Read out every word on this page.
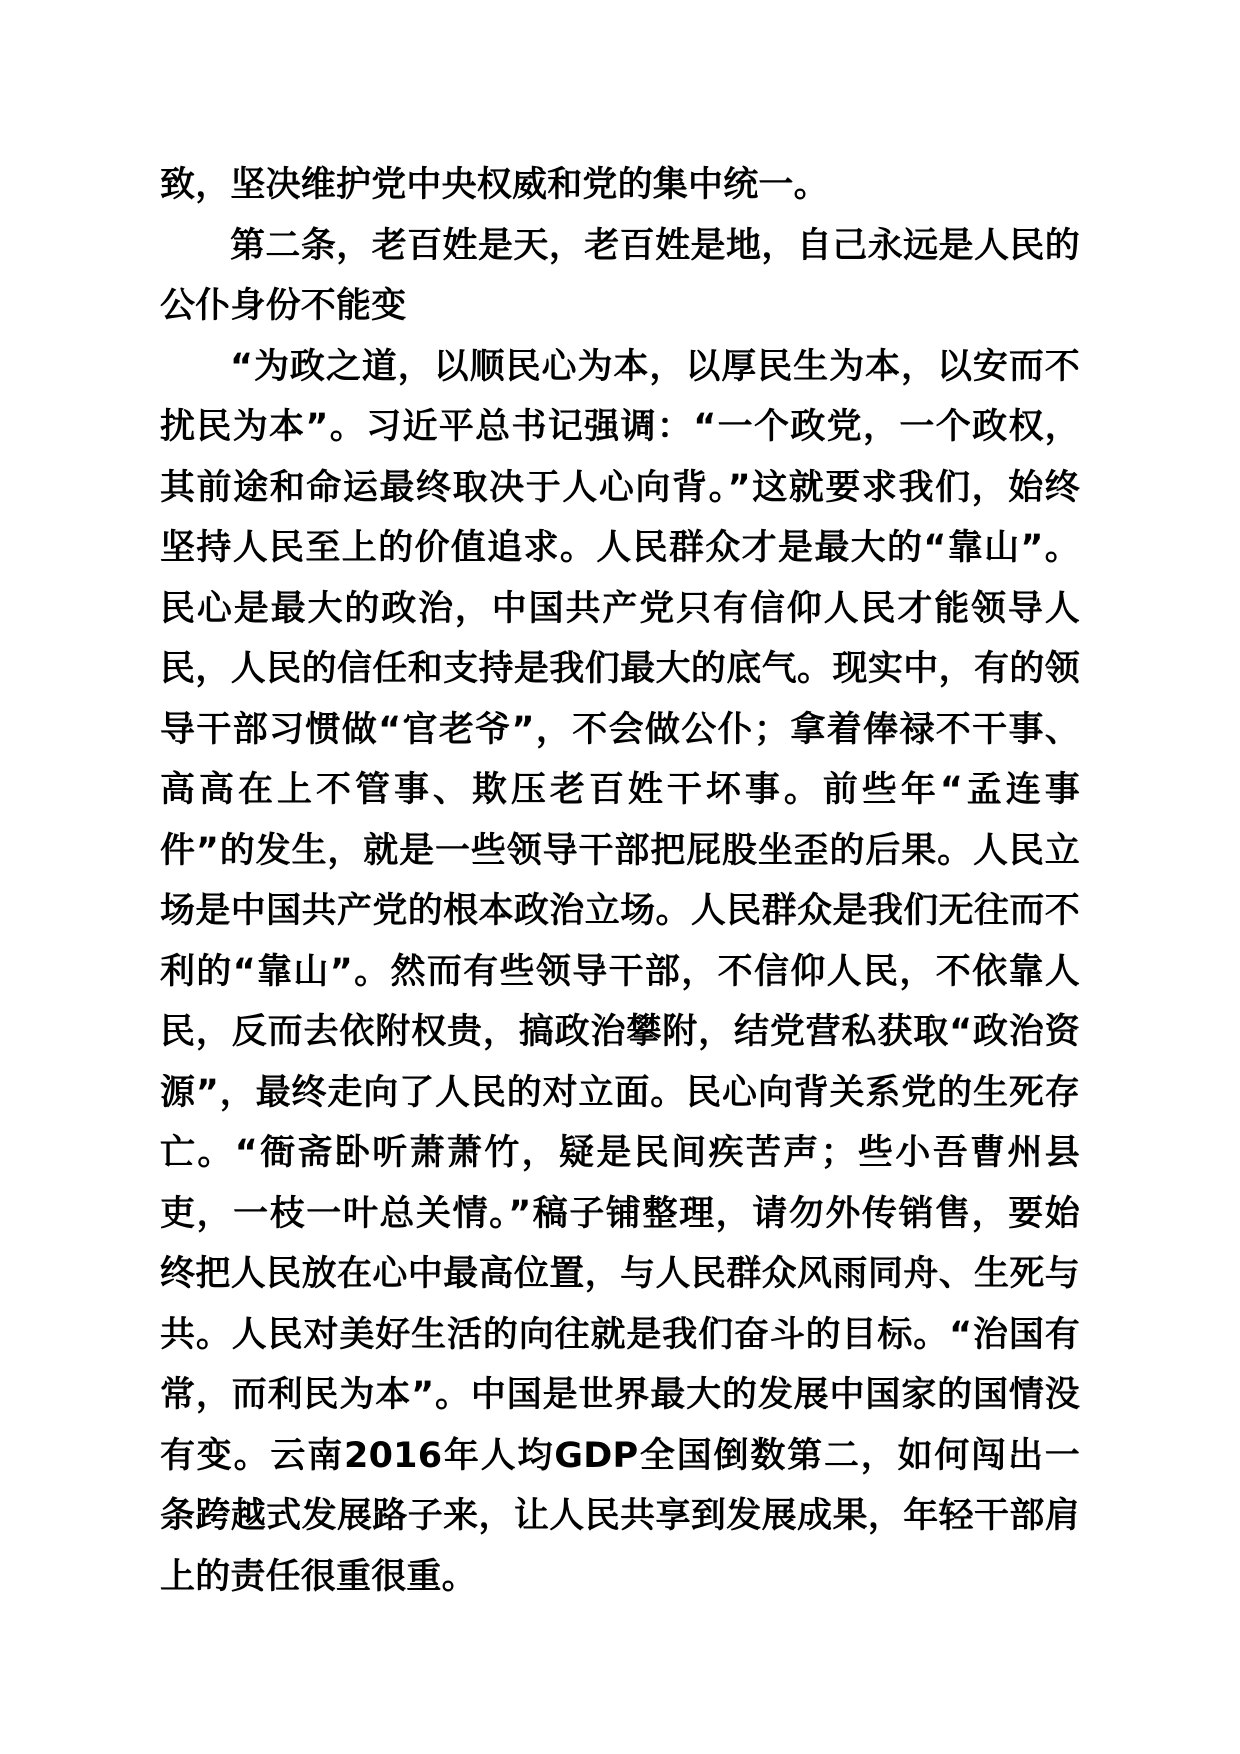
致，坚决维护党中央权威和党的集中统一。

第二条，老百姓是天，老百姓是地，自己永远是人民的公仆身份不能变

“为政之道，以顺民心为本，以厚民生为本，以安而不扰民为本”。习近平总书记强调：“一个政党，一个政权，其前途和命运最终取决于人心向背。”这就要求我们，始终坚持人民至上的价值追求。人民群众才是最大的“靠山”。民心是最大的政治，中国共产党只有信仰人民才能领导人民，人民的信任和支持是我们最大的底气。现实中，有的领导干部习惯做“官老爷”，不会做公仆；拿着俸禄不干事、高高在上不管事、欺压老百姓干坏事。前些年“孟连事件”的发生，就是一些领导干部把屁股坐歪的后果。人民立场是中国共产党的根本政治立场。人民群众是我们无往而不利的“靠山”。然而有些领导干部，不信仰人民，不依靠人民，反而去依附权贵，搞政治攀附，结党营私获取“政治资源”，最终走向了人民的对立面。民心向背关系党的生死存亡。“衙斋卧听萧萧竹，疑是民间疾苦声；些小吾曹州县吏，一枝一叶总关情。”稿子铺整理，请勿外传销售，要始终把人民放在心中最高位置，与人民群众风雨同舟、生死与共。人民对美好生活的向往就是我们奋斗的目标。“治国有常，而利民为本”。中国是世界最大的发展中国家的国情没有变。云南2016年人均GDP全国倒数第二，如何闯出一条跨越式发展路子来，让人民共享到发展成果，年轻干部肩上的责任很重很重。
